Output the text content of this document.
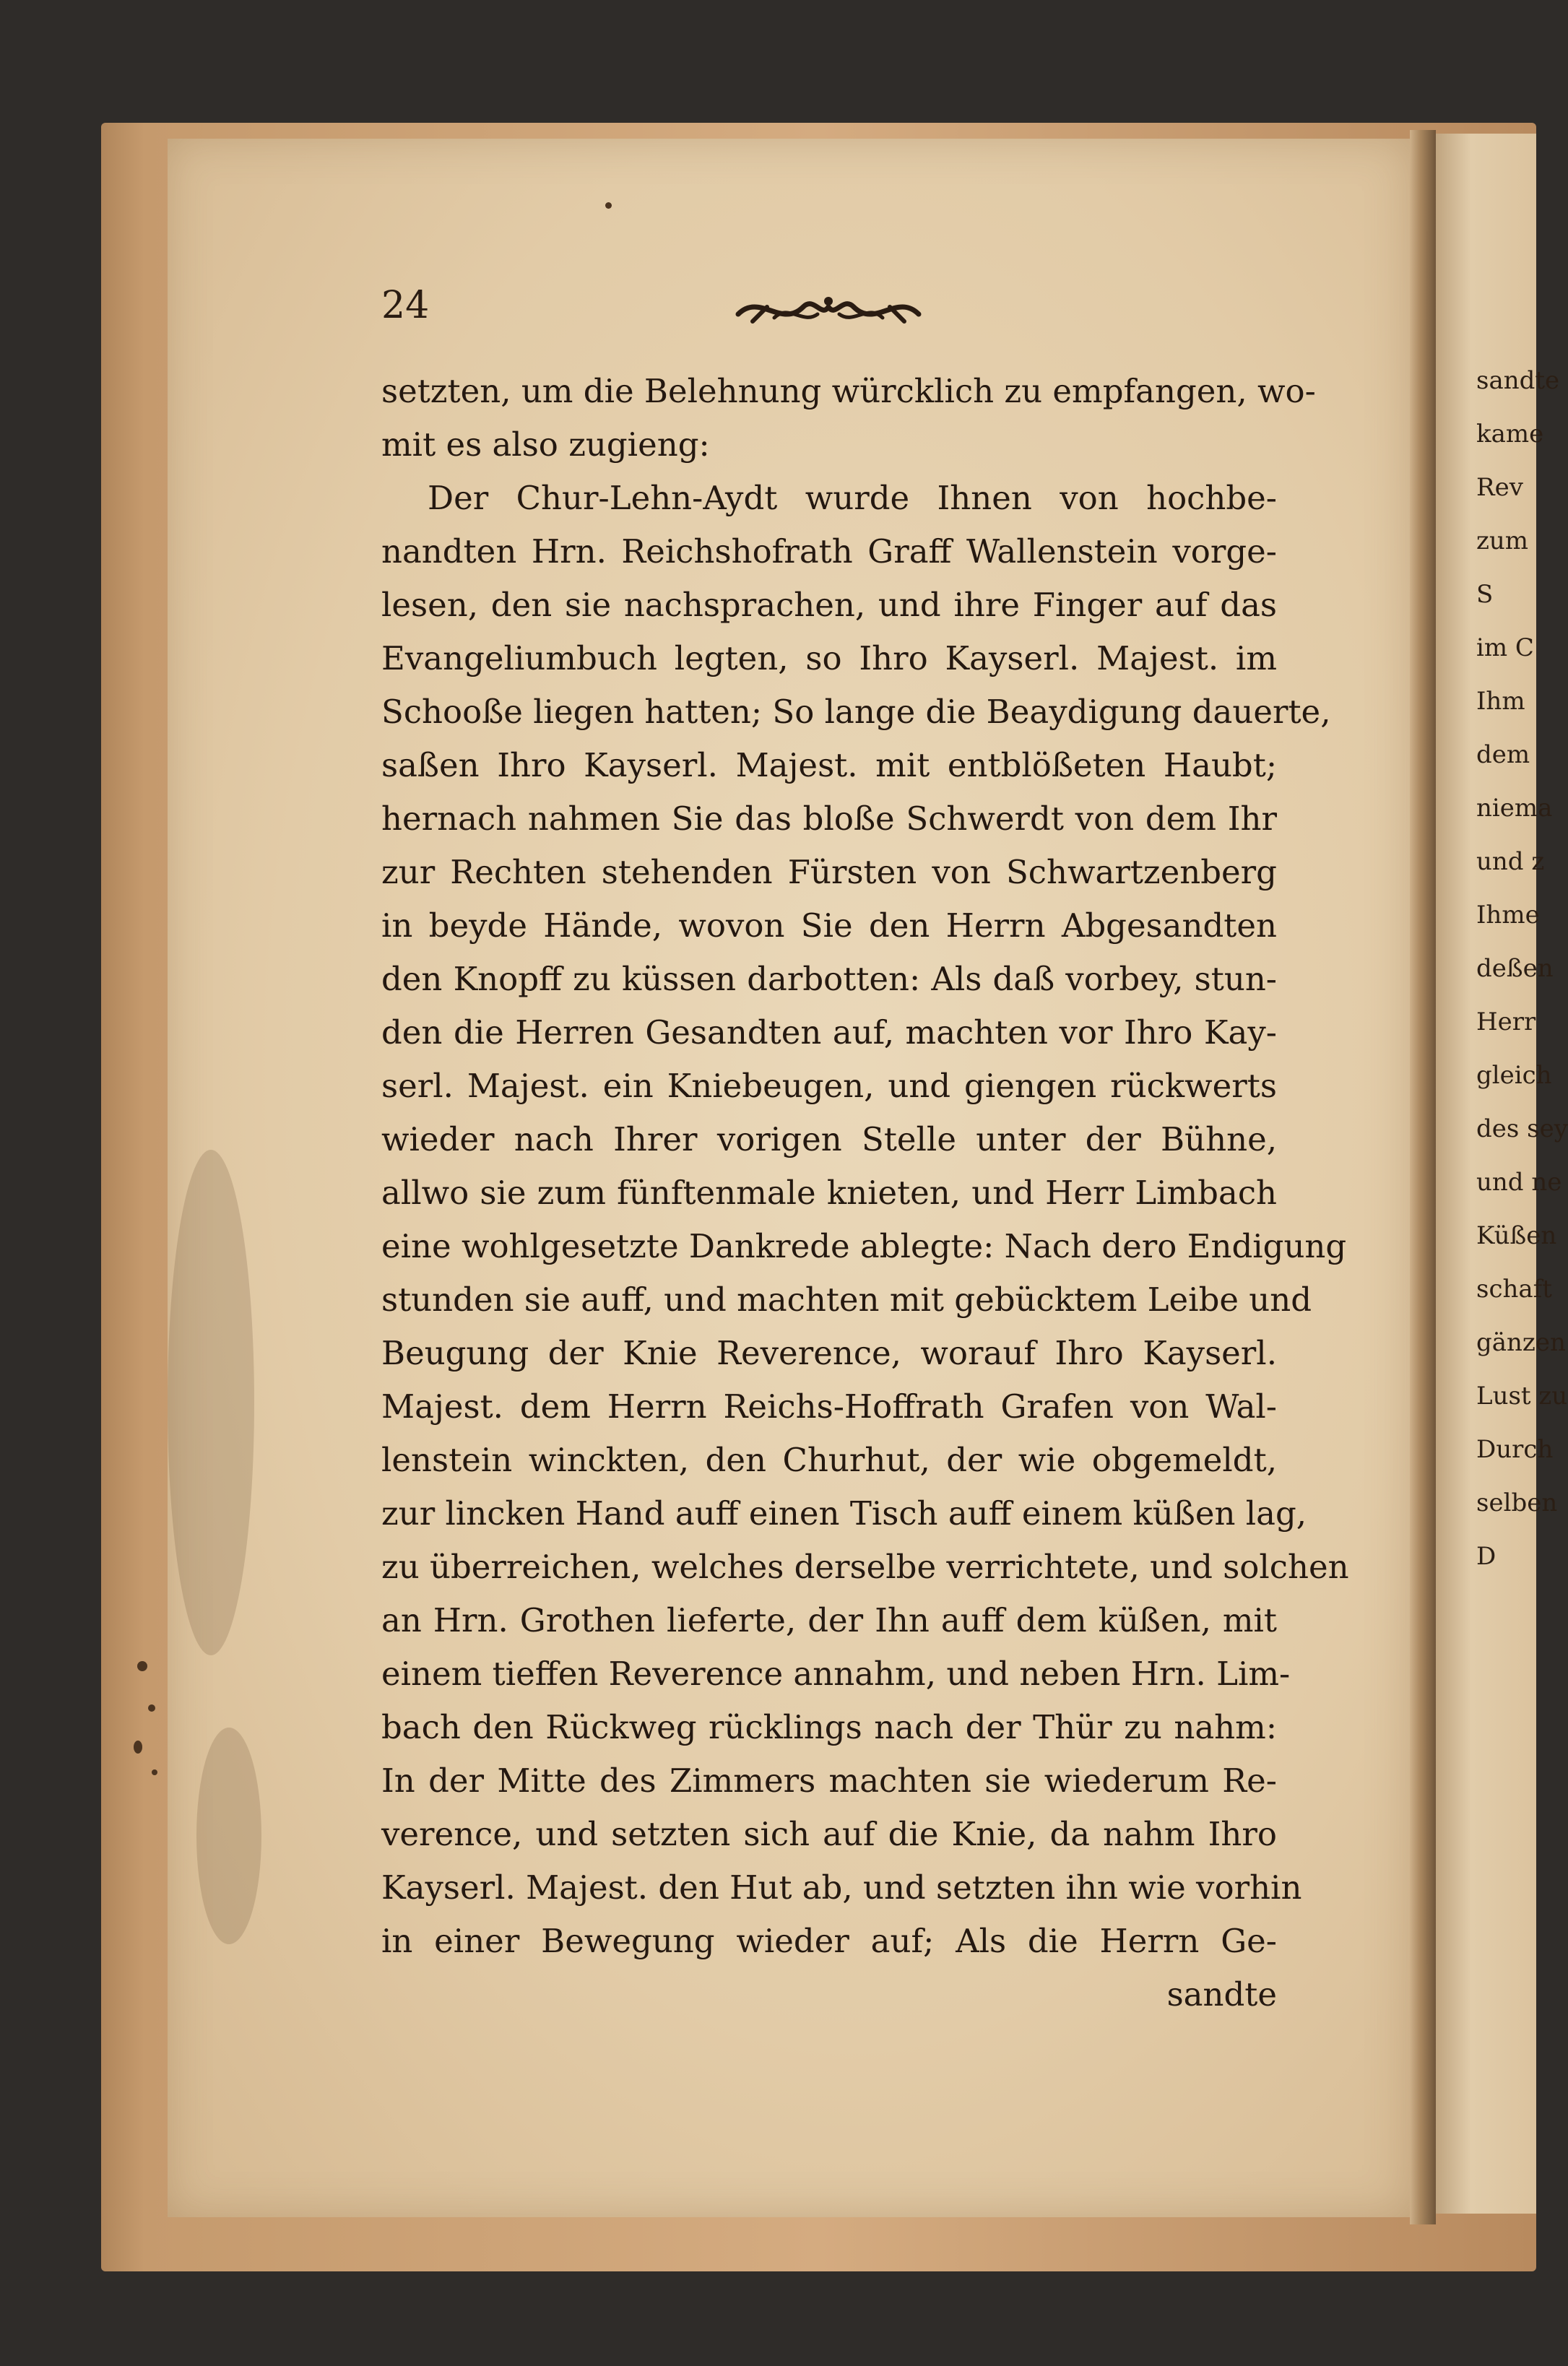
sandte
kame
Rev
zum
S
im C
Ihm
dem
niema
und z
Ihme
deßen
Herr
gleich
des sey
und ne
Küßen
schaft
gänzen
Lust zu
Durch
selben
D
24
setzten, um die Belehnung würcklich zu empfangen, wo-
mit es also zugieng:
Der Chur-Lehn-Aydt wurde Ihnen von hochbe-
nandten Hrn. Reichshofrath Graff Wallenstein vorge-
lesen, den sie nachsprachen, und ihre Finger auf das
Evangeliumbuch legten, so Ihro Kayserl. Majest. im
Schooße liegen hatten; So lange die Beaydigung dauerte,
saßen Ihro Kayserl. Majest. mit entblößeten Haubt;
hernach nahmen Sie das bloße Schwerdt von dem Ihr
zur Rechten stehenden Fürsten von Schwartzenberg
in beyde Hände, wovon Sie den Herrn Abgesandten
den Knopff zu küssen darbotten: Als daß vorbey, stun-
den die Herren Gesandten auf, machten vor Ihro Kay-
serl. Majest. ein Kniebeugen, und giengen rückwerts
wieder nach Ihrer vorigen Stelle unter der Bühne,
allwo sie zum fünftenmale knieten, und Herr Limbach
eine wohlgesetzte Dankrede ablegte: Nach dero Endigung
stunden sie auff, und machten mit gebücktem Leibe und
Beugung der Knie Reverence, worauf Ihro Kayserl.
Majest. dem Herrn Reichs-Hoffrath Grafen von Wal-
lenstein winckten, den Churhut, der wie obgemeldt,
zur lincken Hand auff einen Tisch auff einem küßen lag,
zu überreichen, welches derselbe verrichtete, und solchen
an Hrn. Grothen lieferte, der Ihn auff dem küßen, mit
einem tieffen Reverence annahm, und neben Hrn. Lim-
bach den Rückweg rücklings nach der Thür zu nahm:
In der Mitte des Zimmers machten sie wiederum Re-
verence, und setzten sich auf die Knie, da nahm Ihro
Kayserl. Majest. den Hut ab, und setzten ihn wie vorhin
in einer Bewegung wieder auf; Als die Herrn Ge-
sandte
